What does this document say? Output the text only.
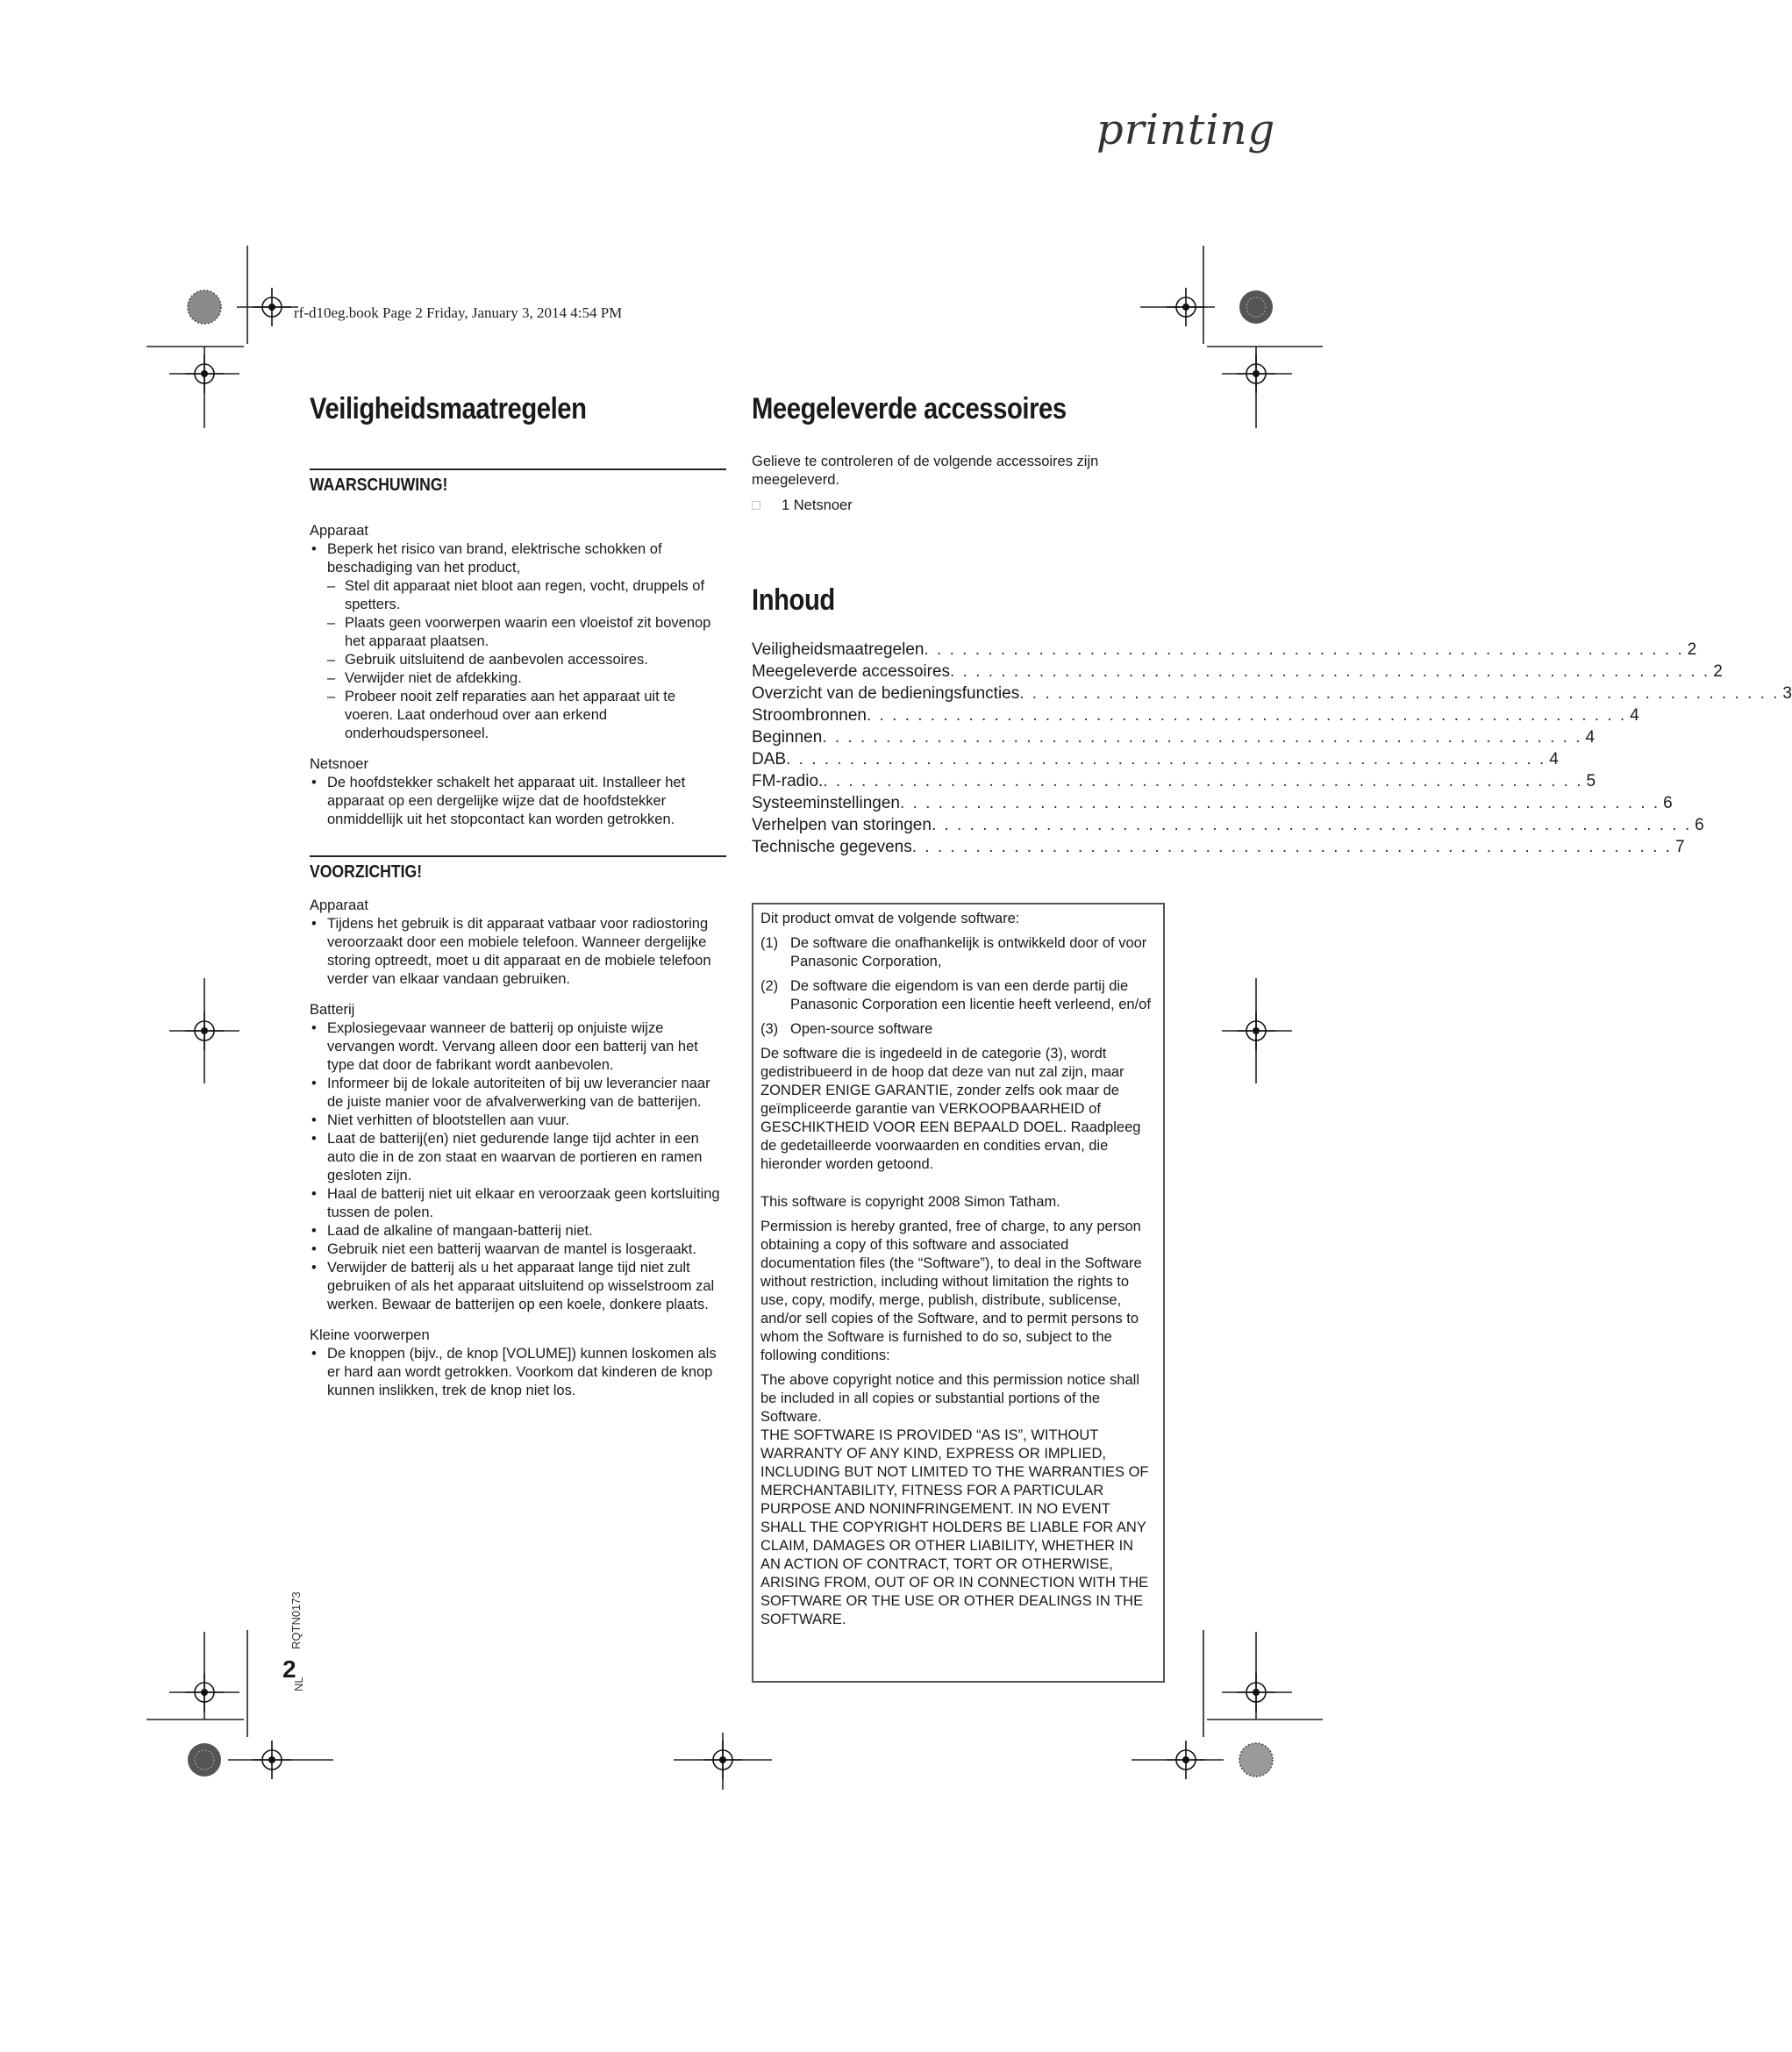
printing
rf-d10eg.book Page 2 Friday, January 3, 2014 4:54 PM
Veiligheidsmaatregelen
WAARSCHUWING!
Apparaat
• Beperk het risico van brand, elektrische schokken of beschadiging van het product,
– Stel dit apparaat niet bloot aan regen, vocht, druppels of spetters.
– Plaats geen voorwerpen waarin een vloeistof zit bovenop het apparaat plaatsen.
– Gebruik uitsluitend de aanbevolen accessoires.
– Verwijder niet de afdekking.
– Probeer nooit zelf reparaties aan het apparaat uit te voeren. Laat onderhoud over aan erkend onderhoudspersoneel.
Netsnoer
• De hoofdstekker schakelt het apparaat uit. Installeer het apparaat op een dergelijke wijze dat de hoofdstekker onmiddellijk uit het stopcontact kan worden getrokken.
VOORZICHTIG!
Apparaat
• Tijdens het gebruik is dit apparaat vatbaar voor radiostoring veroorzaakt door een mobiele telefoon. Wanneer dergelijke storing optreedt, moet u dit apparaat en de mobiele telefoon verder van elkaar vandaan gebruiken.
Batterij
• Explosiegevaar wanneer de batterij op onjuiste wijze vervangen wordt. Vervang alleen door een batterij van het type dat door de fabrikant wordt aanbevolen.
• Informeer bij de lokale autoriteiten of bij uw leverancier naar de juiste manier voor de afvalverwerking van de batterijen.
• Niet verhitten of blootstellen aan vuur.
• Laat de batterij(en) niet gedurende lange tijd achter in een auto die in de zon staat en waarvan de portieren en ramen gesloten zijn.
• Haal de batterij niet uit elkaar en veroorzaak geen kortsluiting tussen de polen.
• Laad de alkaline of mangaan-batterij niet.
• Gebruik niet een batterij waarvan de mantel is losgeraakt.
• Verwijder de batterij als u het apparaat lange tijd niet zult gebruiken of als het apparaat uitsluitend op wisselstroom zal werken. Bewaar de batterijen op een koele, donkere plaats.
Kleine voorwerpen
• De knoppen (bijv., de knop [VOLUME]) kunnen loskomen als er hard aan wordt getrokken. Voorkom dat kinderen de knop kunnen inslikken, trek de knop niet los.
Meegeleverde accessoires
Gelieve te controleren of de volgende accessoires zijn meegeleverd.
□	1 Netsnoer
Inhoud
Veiligheidsmaatregelen . . . . . . . . . . . . . . . . . . . . . . . . . . . . . . . . . . . . . . . . . . . . . . . . . . . . . . . . . . . . 2
Meegeleverde accessoires . . . . . . . . . . . . . . . . . . . . . . . . . . . . . . . . . . . . . . . . . . . . . . . . . . . . . . . . . . . . 2
Overzicht van de bedieningsfuncties . . . . . . . . . . . . . . . . . . . . . . . . . . . . . . . . . . . . . . . . . . . . . . . . . . . . . . . . . . . . 3
Stroombronnen . . . . . . . . . . . . . . . . . . . . . . . . . . . . . . . . . . . . . . . . . . . . . . . . . . . . . . . . . . . . 4
Beginnen . . . . . . . . . . . . . . . . . . . . . . . . . . . . . . . . . . . . . . . . . . . . . . . . . . . . . . . . . . . . 4
DAB . . . . . . . . . . . . . . . . . . . . . . . . . . . . . . . . . . . . . . . . . . . . . . . . . . . . . . . . . . . . 4
FM-radio. . . . . . . . . . . . . . . . . . . . . . . . . . . . . . . . . . . . . . . . . . . . . . . . . . . . . . . . . . . . . 5
Systeeminstellingen . . . . . . . . . . . . . . . . . . . . . . . . . . . . . . . . . . . . . . . . . . . . . . . . . . . . . . . . . . . . 6
Verhelpen van storingen . . . . . . . . . . . . . . . . . . . . . . . . . . . . . . . . . . . . . . . . . . . . . . . . . . . . . . . . . . . . 6
Technische gegevens . . . . . . . . . . . . . . . . . . . . . . . . . . . . . . . . . . . . . . . . . . . . . . . . . . . . . . . . . . . . 7

Dit product omvat de volgende software:

(1) De software die onafhankelijk is ontwikkeld door of voor Panasonic Corporation,
(2) De software die eigendom is van een derde partij die Panasonic Corporation een licentie heeft verleend, en/of
(3) Open-source software

De software die is ingedeeld in de categorie (3), wordt gedistribueerd in de hoop dat deze van nut zal zijn, maar ZONDER ENIGE GARANTIE, zonder zelfs ook maar de geïmpliceerde garantie van VERKOOPBAARHEID of GESCHIKTHEID VOOR EEN BEPAALD DOEL. Raadpleeg de gedetailleerde voorwaarden en condities ervan, die hieronder worden getoond.

This software is copyright 2008 Simon Tatham.

Permission is hereby granted, free of charge, to any person obtaining a copy of this software and associated documentation files (the “Software”), to deal in the Software without restriction, including without limitation the rights to use, copy, modify, merge, publish, distribute, sublicense, and/or sell copies of the Software, and to permit persons to whom the Software is furnished to do so, subject to the following conditions:

The above copyright notice and this permission notice shall be included in all copies or substantial portions of the Software.

THE SOFTWARE IS PROVIDED “AS IS”, WITHOUT WARRANTY OF ANY KIND, EXPRESS OR IMPLIED, INCLUDING BUT NOT LIMITED TO THE WARRANTIES OF MERCHANTABILITY, FITNESS FOR A PARTICULAR PURPOSE AND NONINFRINGEMENT. IN NO EVENT SHALL THE COPYRIGHT HOLDERS BE LIABLE FOR ANY CLAIM, DAMAGES OR OTHER LIABILITY, WHETHER IN AN ACTION OF CONTRACT, TORT OR OTHERWISE, ARISING FROM, OUT OF OR IN CONNECTION WITH THE SOFTWARE OR THE USE OR OTHER DEALINGS IN THE SOFTWARE.

RQTN0173
2
NL
